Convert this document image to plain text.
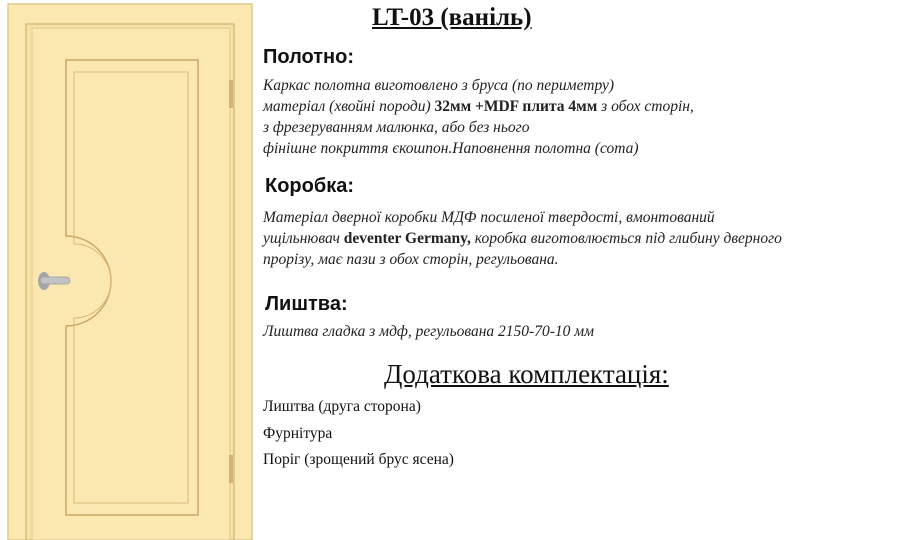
LT-03 (ваніль)
Полотно:
Каркас полотна виготовлено з бруса (по периметру)
матеріал (хвойні породи) 32мм +MDF плита 4мм з обох сторін,
з фрезеруванням малюнка, або без нього
фінішне покриття єкошпон.Наповнення полотна (сота)
Коробка:
Матеріал дверної коробки МДФ посиленої твердості, вмонтований
ущільнювач deventer Germany, коробка виготовлюється під глибину дверного
прорізу, має пази з обох сторін, регульована.
Лиштва:
Лиштва гладка з мдф, регульована 2150-70-10 мм
Додаткова комплектація:
Лиштва (друга сторона)
Фурнітура
Поріг (зрощений брус ясена)
